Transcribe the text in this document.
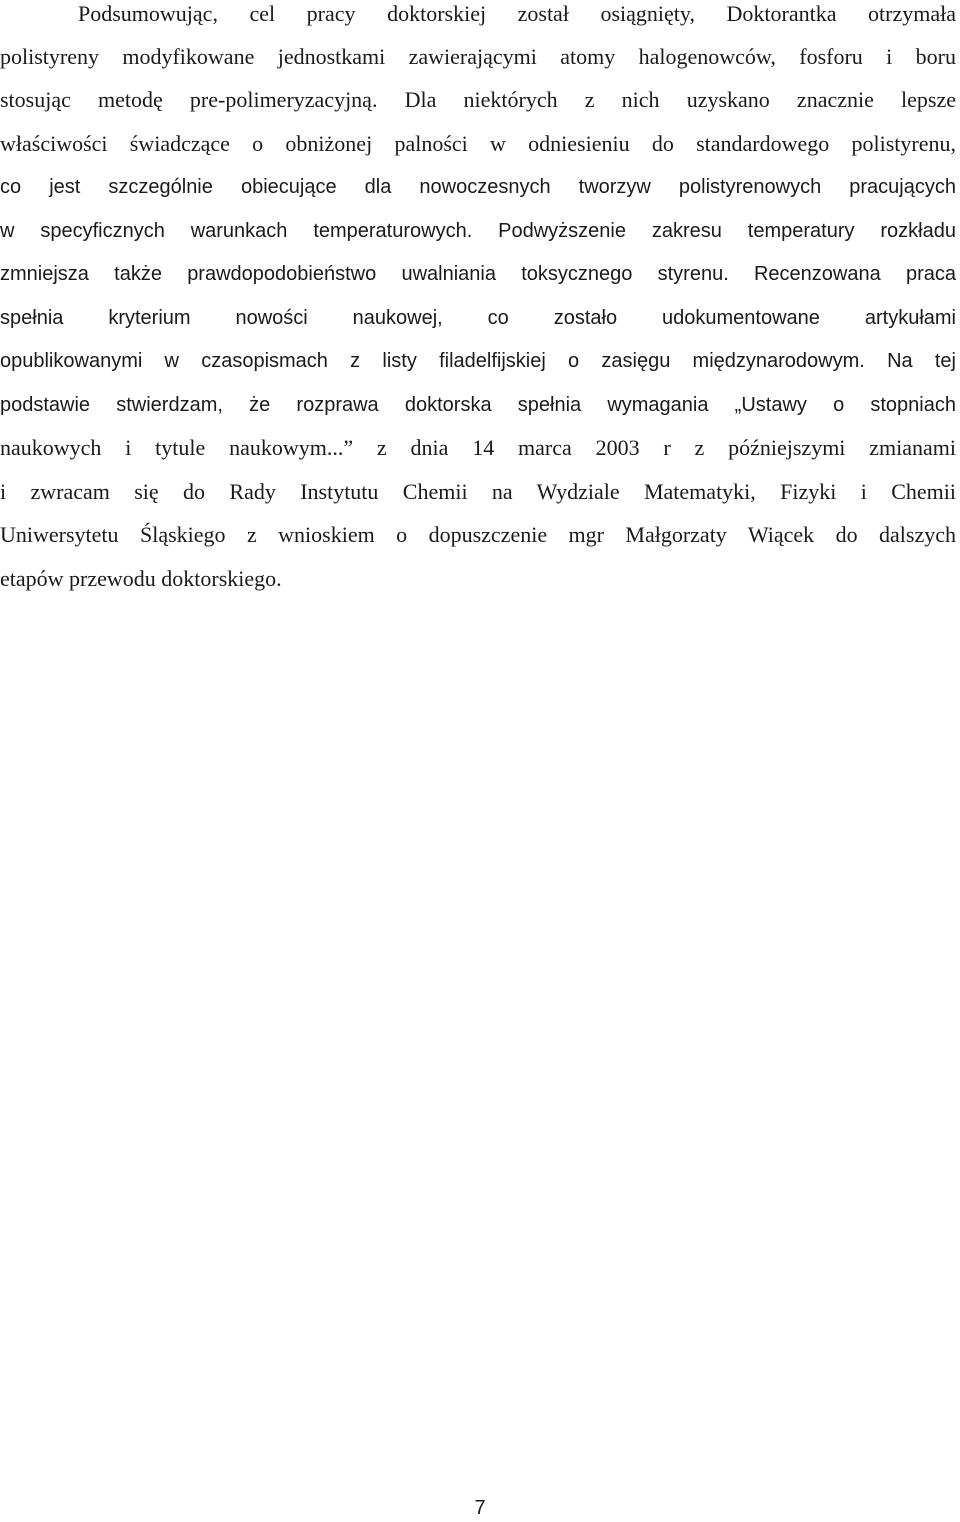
Podsumowując, cel pracy doktorskiej został osiągnięty, Doktorantka otrzymała
polistyreny modyfikowane jednostkami zawierającymi atomy halogenowców, fosforu i boru
stosując metodę pre-polimeryzacyjną. Dla niektórych z nich uzyskano znacznie lepsze
właściwości świadczące o obniżonej palności w odniesieniu do standardowego polistyrenu,
co jest szczególnie obiecujące dla nowoczesnych tworzyw polistyrenowych pracujących
w specyficznych warunkach temperaturowych. Podwyższenie zakresu temperatury rozkładu
zmniejsza także prawdopodobieństwo uwalniania toksycznego styrenu. Recenzowana praca
spełnia kryterium nowości naukowej, co zostało udokumentowane artykułami
opublikowanymi w czasopismach z listy filadelfijskiej o zasięgu międzynarodowym. Na tej
podstawie stwierdzam, że rozprawa doktorska spełnia wymagania „Ustawy o stopniach
naukowych i tytule naukowym...” z dnia 14 marca 2003 r z późniejszymi zmianami
i zwracam się do Rady Instytutu Chemii na Wydziale Matematyki, Fizyki i Chemii
Uniwersytetu Śląskiego z wnioskiem o dopuszczenie mgr Małgorzaty Wiącek do dalszych
etapów przewodu doktorskiego.
7
